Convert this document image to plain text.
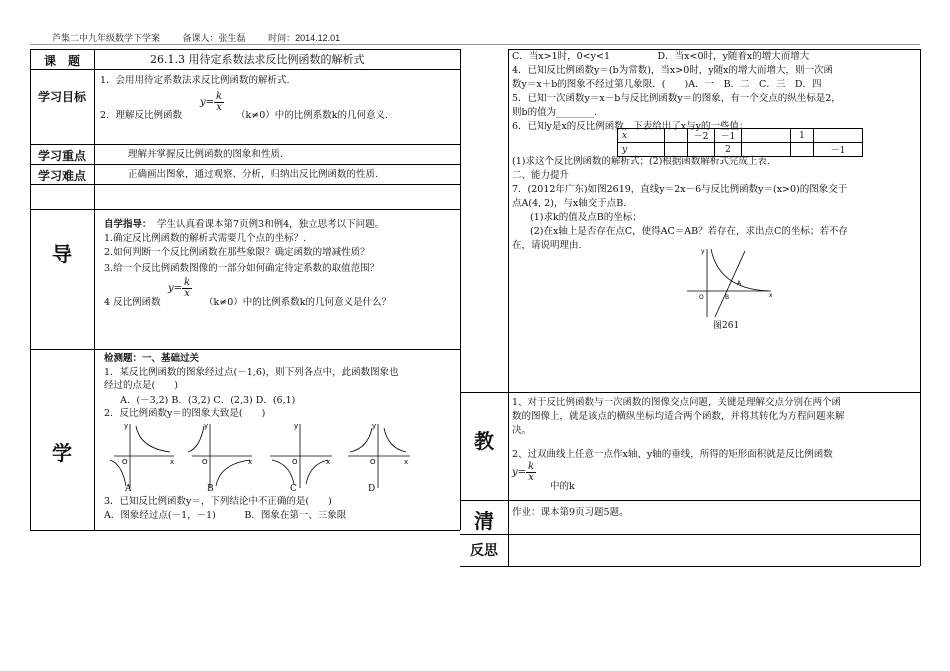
芦集二中九年级数学下学案	备课人：张生磊	时间：2014.12.01
课　题	26.1.3 用待定系数法求反比例函数的解析式
学习目标
1．会用用待定系数法求反比例函数的解析式.
2．理解反比例函数
$y= \frac{k}{x}$
（k≠0）中的比例系数k的几何意义.
学习重点	理解并掌握反比例函数的图象和性质.
学习难点	正确画出图象，通过观察、分析，归纳出反比例函数的性质.
导
自学指导： 学生认真看课本第7页例3和例4，独立思考以下问题。
1.确定反比例函数的解析式需要几个点的坐标？.
2.如何判断一个反比例函数在那些象限？确定函数的增减性质？
3.给一个反比例函数图像的一部分如何确定待定系数的取值范围？
$y= \frac{k}{x}$
4 反比例函数	（k≠0）中的比例系数k的几何意义是什么？
学
检测题：一、基础过关
1．某反比例函数的图象经过点(－1,6)，则下列各点中，此函数图象也
经过的点是(　　)
A．(－3,2) B．(3,2) C．(2,3) D．(6,1)
2．反比例函数y＝的图象大致是(　　)
O	x
y
O	x
y
O	x
y
O	x
y
A	B	C	D
3．已知反比例函数y＝，下列结论中不正确的是(　　)
A．图象经过点(－1，－1)　　　B．图象在第一、三象限
C．当x>1时，0<y<1　　　　　D．当x<0时，y随着x的增大而增大
4．已知反比例函数y＝(b为常数)，当x>0时，y随x的增大而增大，则一次函
数y＝x＋b的图象不经过第几象限．(　　)A．一　B．二　C．三　D．四
5．已知一次函数y＝x－b与反比例函数y＝的图象，有一个交点的纵坐标是2，
则b的值为________.
6．已知y是x的反比例函数，下表给出了x与y的一些值：
x		－2	－1		1	
y			2			－1
(1)求这个反比例函数的解析式；(2)根据函数解析式完成上表.
二、能力提升
7．(2012年广东)如图2619，直线y＝2x－6与反比例函数y＝(x>0)的图象交于
点A(4, 2)，与x轴交于点B.
(1)求k的值及点B的坐标；
(2)在x轴上是否存在点C，使得AC＝AB？若存在，求出点C的坐标；若不存
在，请说明理由.
O	B
A
x
y
图261
教
1、对于反比例函数与一次函数的图像交点问题，关键是理解交点分别在两个函
数的图像上，就是该点的横纵坐标均适合两个函数，并将其转化为方程问题来解
决。
2、过双曲线上任意一点作x轴、y轴的垂线，所得的矩形面积就是反比例函数
$y= \frac{k}{x}$
中的k
清	作业：课本第9页习题5题。
反思
